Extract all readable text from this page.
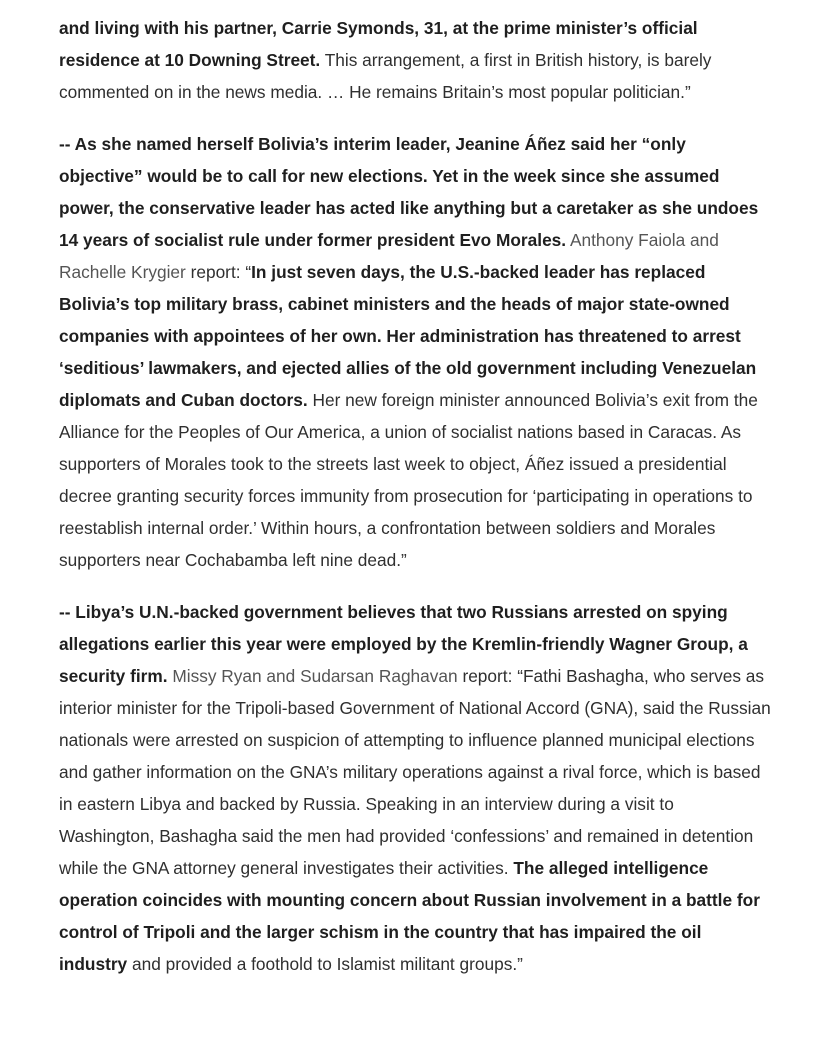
and living with his partner, Carrie Symonds, 31, at the prime minister’s official residence at 10 Downing Street. This arrangement, a first in British history, is barely commented on in the news media. … He remains Britain’s most popular politician.”

-- As she named herself Bolivia’s interim leader, Jeanine Áñez said her “only objective” would be to call for new elections. Yet in the week since she assumed power, the conservative leader has acted like anything but a caretaker as she undoes 14 years of socialist rule under former president Evo Morales. Anthony Faiola and Rachelle Krygier report: “In just seven days, the U.S.-backed leader has replaced Bolivia’s top military brass, cabinet ministers and the heads of major state-owned companies with appointees of her own. Her administration has threatened to arrest ‘seditious’ lawmakers, and ejected allies of the old government including Venezuelan diplomats and Cuban doctors. Her new foreign minister announced Bolivia’s exit from the Alliance for the Peoples of Our America, a union of socialist nations based in Caracas. As supporters of Morales took to the streets last week to object, Áñez issued a presidential decree granting security forces immunity from prosecution for ‘participating in operations to reestablish internal order.’ Within hours, a confrontation between soldiers and Morales supporters near Cochabamba left nine dead.”

-- Libya’s U.N.-backed government believes that two Russians arrested on spying allegations earlier this year were employed by the Kremlin-friendly Wagner Group, a security firm. Missy Ryan and Sudarsan Raghavan report: “Fathi Bashagha, who serves as interior minister for the Tripoli-based Government of National Accord (GNA), said the Russian nationals were arrested on suspicion of attempting to influence planned municipal elections and gather information on the GNA’s military operations against a rival force, which is based in eastern Libya and backed by Russia. Speaking in an interview during a visit to Washington, Bashagha said the men had provided ‘confessions’ and remained in detention while the GNA attorney general investigates their activities. The alleged intelligence operation coincides with mounting concern about Russian involvement in a battle for control of Tripoli and the larger schism in the country that has impaired the oil industry and provided a foothold to Islamist militant groups.”
